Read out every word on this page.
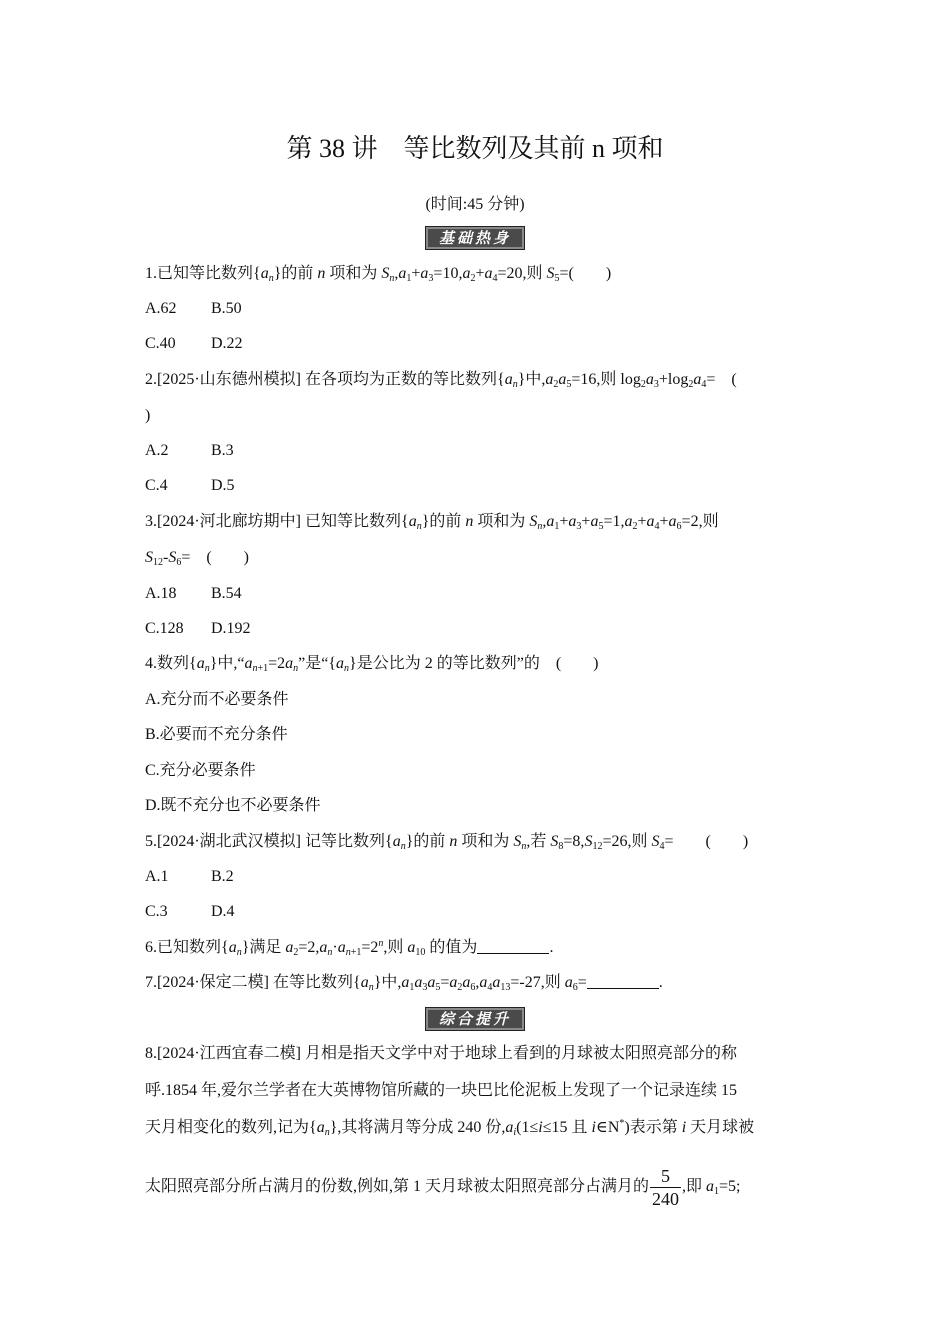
第 38 讲　等比数列及其前 n 项和
(时间:45 分钟)
基础热身
1.已知等比数列$\{a_n\}$的前 n 项和为 $S_n,a_1+a_3=10,a_2+a_4=20$,则 $S_5=$(　　)
A.62 B.50
C.40 D.22
2.[2025·山东德州模拟] 在各项均为正数的等比数列$\{a_n\}$中$,a_2a_5=16$,则 $\log_2a_3+\log_2a_4=$　(
)
A.2	B.3
C.4	D.5
3.[2024·河北廊坊期中] 已知等比数列$\{a_n\}$的前 n 项和为 $S_n,a_1+a_3+a_5=1,a_2+a_4+a_6=2$,则
$S_{12}-S_6=$　(　　)
A.18 B.54
C.128 D.192
4.数列$\{a_n\}$中$,“a_{n+1}=2a_n$”是“$\{a_n\}$是公比为 2 的等比数列”的　(　　)
A.充分而不必要条件
B.必要而不充分条件
C.充分必要条件
D.既不充分也不必要条件
5.[2024·湖北武汉模拟] 记等比数列$\{a_n\}$的前 n 项和为 $S_n$,若 $S_8=8,S_{12}=26$,则 $S_4=$　　(　　)
A.1	B.2
C.3	D.4
6.已知数列$\{a_n\}$满足 $a_2=2,a_n\cdot a_{n+1}=2^n$,则 $a_{10}$ 的值为	.
7.[2024·保定二模] 在等比数列$\{a_n\}$中$,a_1a_3a_5=a_2a_6,a_4a_{13}=-27$,则 $a_6=$	.
综合提升
8.[2024·江西宜春二模] 月相是指天文学中对于地球上看到的月球被太阳照亮部分的称
呼.1854 年,爱尔兰学者在大英博物馆所藏的一块巴比伦泥板上发现了一个记录连续 15
天月相变化的数列,记为$\{a_n\}$,其将满月等分成 240 份$,a_i(1\le i\le 15$ 且 i∈N*)表示第 i 天月球被
太阳照亮部分所占满月的份数,例如,第 1 天月球被太阳照亮部分占满月的 $\frac{5}{240}$ ,即 $a_1=5$;
